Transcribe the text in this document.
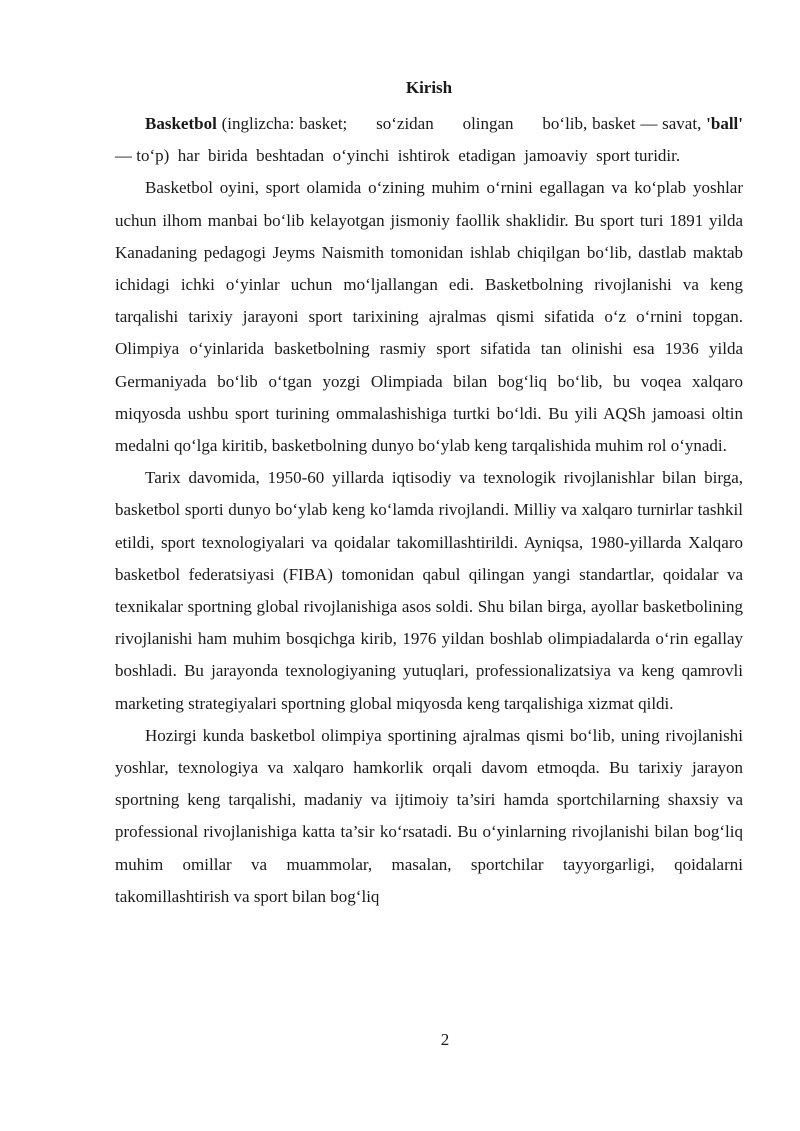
Kirish

Basketbol (inglizcha: basket;      so‘zidan      olingan      bo‘lib, basket — savat, 'ball' — to‘p)  har  birida  beshtadan  o‘yinchi  ishtirok  etadigan  jamoaviy  sport turidir.

Basketbol oyini, sport olamida o‘zining muhim o‘rnini egallagan va ko‘plab yoshlar uchun ilhom manbai bo‘lib kelayotgan jismoniy faollik shaklidir. Bu sport turi 1891 yilda Kanadaning pedagogi Jeyms Naismith tomonidan ishlab chiqilgan bo‘lib, dastlab maktab ichidagi ichki o‘yinlar uchun mo‘ljallangan edi. Basketbolning rivojlanishi va keng tarqalishi tarixiy jarayoni sport tarixining ajralmas qismi sifatida o‘z o‘rnini topgan. Olimpiya o‘yinlarida basketbolning rasmiy sport sifatida tan olinishi esa 1936 yilda Germaniyada bo‘lib o‘tgan yozgi Olimpiada bilan bog‘liq bo‘lib, bu voqea xalqaro miqyosda ushbu sport turining ommalashishiga turtki bo‘ldi. Bu yili AQSh jamoasi oltin medalni qo‘lga kiritib, basketbolning dunyo bo‘ylab keng tarqalishida muhim rol o‘ynadi.

Tarix davomida, 1950-60 yillarda iqtisodiy va texnologik rivojlanishlar bilan birga, basketbol sporti dunyo bo‘ylab keng ko‘lamda rivojlandi. Milliy va xalqaro turnirlar tashkil etildi, sport texnologiyalari va qoidalar takomillashtirildi. Ayniqsa, 1980-yillarda Xalqaro basketbol federatsiyasi (FIBA) tomonidan qabul qilingan yangi standartlar, qoidalar va texnikalar sportning global rivojlanishiga asos soldi. Shu bilan birga, ayollar basketbolining rivojlanishi ham muhim bosqichga kirib, 1976 yildan boshlab olimpiadalarda o‘rin egallay boshladi. Bu jarayonda texnologiyaning yutuqlari, professionalizatsiya va keng qamrovli marketing strategiyalari sportning global miqyosda keng tarqalishiga xizmat qildi.

Hozirgi kunda basketbol olimpiya sportining ajralmas qismi bo‘lib, uning rivojlanishi yoshlar, texnologiya va xalqaro hamkorlik orqali davom etmoqda. Bu tarixiy jarayon sportning keng tarqalishi, madaniy va ijtimoiy ta’siri hamda sportchilarning shaxsiy va professional rivojlanishiga katta ta’sir ko‘rsatadi. Bu o‘yinlarning rivojlanishi bilan bog‘liq muhim omillar va muammolar, masalan, sportchilar tayyorgarligi, qoidalarni takomillashtirish va sport bilan bog‘liq

2
